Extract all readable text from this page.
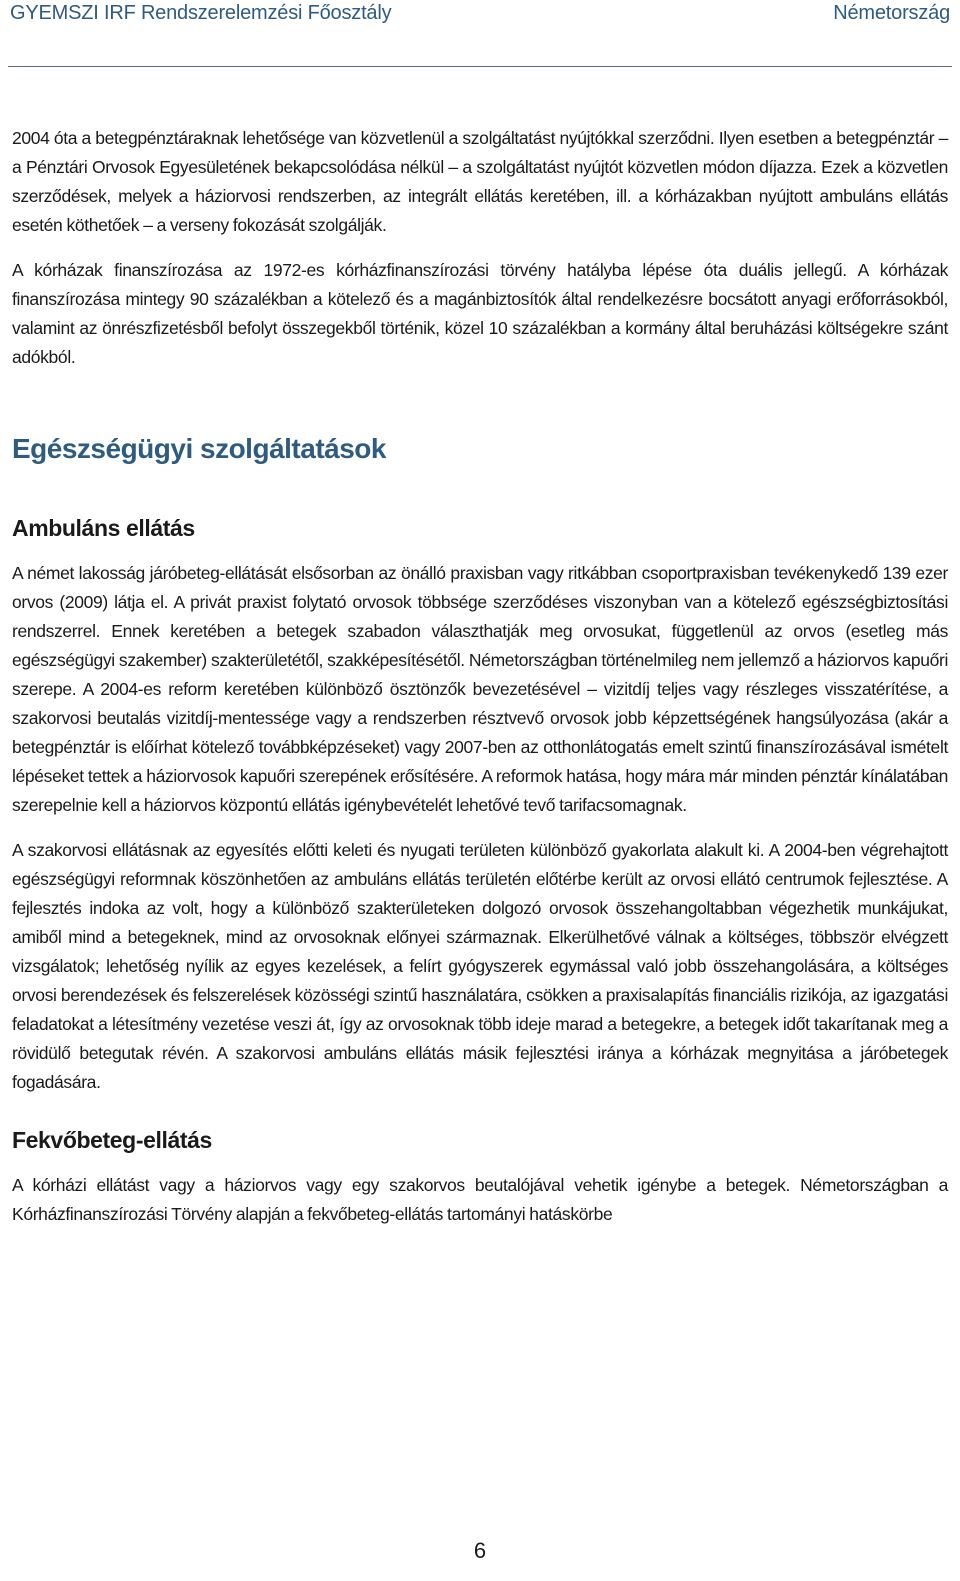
GYEMSZI IRF Rendszerelemzési Főosztály	Németország

2004 óta a betegpénztáraknak lehetősége van közvetlenül a szolgáltatást nyújtókkal szerződni. Ilyen esetben a betegpénztár – a Pénztári Orvosok Egyesületének bekapcsolódása nélkül – a szolgáltatást nyújtót közvetlen módon díjazza. Ezek a közvetlen szerződések, melyek a háziorvosi rendszerben, az integrált ellátás keretében, ill. a kórházakban nyújtott ambuláns ellátás esetén köthetőek – a verseny fokozását szolgálják.

A kórházak finanszírozása az 1972-es kórházfinanszírozási törvény hatályba lépése óta duális jellegű. A kórházak finanszírozása mintegy 90 százalékban a kötelező és a magánbiztosítók által rendelkezésre bocsátott anyagi erőforrásokból, valamint az önrészfizetésből befolyt összegekből történik, közel 10 százalékban a kormány által beruházási költségekre szánt adókból.

Egészségügyi szolgáltatások
Ambuláns ellátás

A német lakosság járóbeteg-ellátását elsősorban az önálló praxisban vagy ritkábban csoportpraxisban tevékenykedő 139 ezer orvos (2009) látja el. A privát praxist folytató orvosok többsége szerződéses viszonyban van a kötelező egészségbiztosítási rendszerrel. Ennek keretében a betegek szabadon választhatják meg orvosukat, függetlenül az orvos (esetleg más egészségügyi szakember) szakterületétől, szakképesítésétől. Németországban történelmileg nem jellemző a háziorvos kapuőri szerepe. A 2004-es reform keretében különböző ösztönzők bevezetésével – vizitdíj teljes vagy részleges visszatérítése, a szakorvosi beutalás vizitdíj-mentessége vagy a rendszerben résztvevő orvosok jobb képzettségének hangsúlyozása (akár a betegpénztár is előírhat kötelező továbbképzéseket) vagy 2007-ben az otthonlátogatás emelt szintű finanszírozásával ismételt lépéseket tettek a háziorvosok kapuőri szerepének erősítésére. A reformok hatása, hogy mára már minden pénztár kínálatában szerepelnie kell a háziorvos központú ellátás igénybevételét lehetővé tevő tarifacsomagnak.

A szakorvosi ellátásnak az egyesítés előtti keleti és nyugati területen különböző gyakorlata alakult ki. A 2004-ben végrehajtott egészségügyi reformnak köszönhetően az ambuláns ellátás területén előtérbe került az orvosi ellátó centrumok fejlesztése. A fejlesztés indoka az volt, hogy a különböző szakterületeken dolgozó orvosok összehangoltabban végezhetik munkájukat, amiből mind a betegeknek, mind az orvosoknak előnyei származnak. Elkerülhetővé válnak a költséges, többször elvégzett vizsgálatok; lehetőség nyílik az egyes kezelések, a felírt gyógyszerek egymással való jobb összehangolására, a költséges orvosi berendezések és felszerelések közösségi szintű használatára, csökken a praxisalapítás financiális rizikója, az igazgatási feladatokat a létesítmény vezetése veszi át, így az orvosoknak több ideje marad a betegekre, a betegek időt takarítanak meg a rövidülő betegutak révén. A szakorvosi ambuláns ellátás másik fejlesztési iránya a kórházak megnyitása a járóbetegek fogadására.

Fekvőbeteg-ellátás

A kórházi ellátást vagy a háziorvos vagy egy szakorvos beutalójával vehetik igénybe a betegek. Németországban a Kórházfinanszírozási Törvény alapján a fekvőbeteg-ellátás tartományi hatáskörbe

6
